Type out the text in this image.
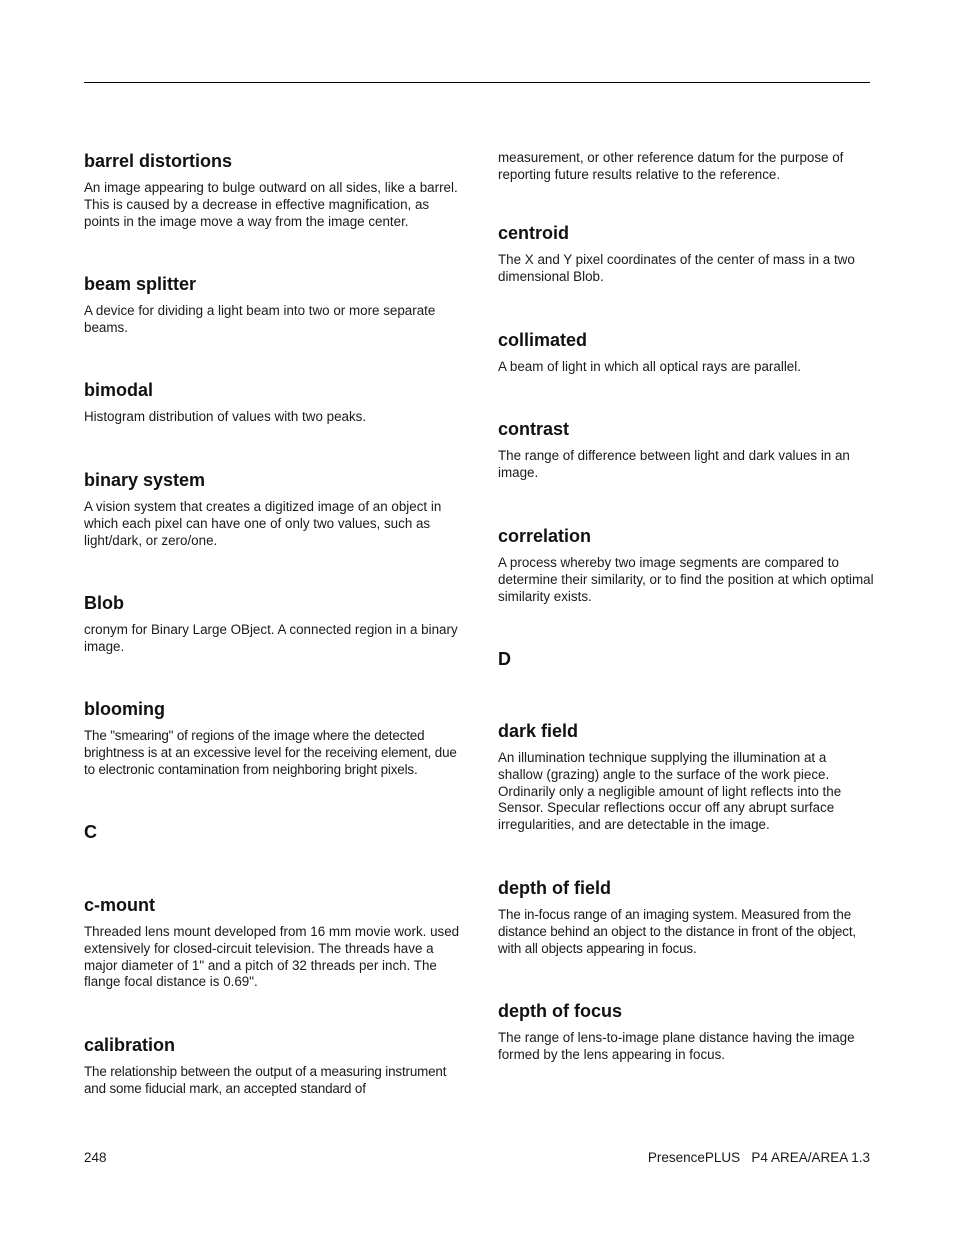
barrel distortions
An image appearing to bulge outward on all sides, like a barrel. This is caused by a decrease in effective magnification, as points in the image move a way from the image center.
beam splitter
A device for dividing a light beam into two or more separate beams.
bimodal
Histogram distribution of values with two peaks.
binary system
A vision system that creates a digitized image of an object in which each pixel can have one of only two values, such as light/dark, or zero/one.
Blob
cronym for Binary Large OBject. A connected region in a binary image.
blooming
The "smearing" of regions of the image where the detected brightness is at an excessive level for the receiving element, due to electronic contamination from neighboring bright pixels.
C
c-mount
Threaded lens mount developed from 16 mm movie work. used extensively for closed-circuit television. The threads have a major diameter of 1" and a pitch of 32 threads per inch. The flange focal distance is 0.69".
calibration
The relationship between the output of a measuring instrument and some fiducial mark, an accepted standard of
measurement, or other reference datum for the purpose of reporting future results relative to the reference.
centroid
The X and Y pixel coordinates of the center of mass in a two dimensional Blob.
collimated
A beam of light in which all optical rays are parallel.
contrast
The range of difference between light and dark values in an image.
correlation
A process whereby two image segments are compared to determine their similarity, or to find the position at which optimal similarity exists.
D
dark field
An illumination technique supplying the illumination at a shallow (grazing) angle to the surface of the work piece. Ordinarily only a negligible amount of light reflects into the Sensor. Specular reflections occur off any abrupt surface irregularities, and are detectable in the image.
depth of field
The in-focus range of an imaging system. Measured from the distance behind an object to the distance in front of the object, with all objects appearing in focus.
depth of focus
The range of lens-to-image plane distance having the image formed by the lens appearing in focus.
248	PresencePLUS   P4 AREA/AREA 1.3
